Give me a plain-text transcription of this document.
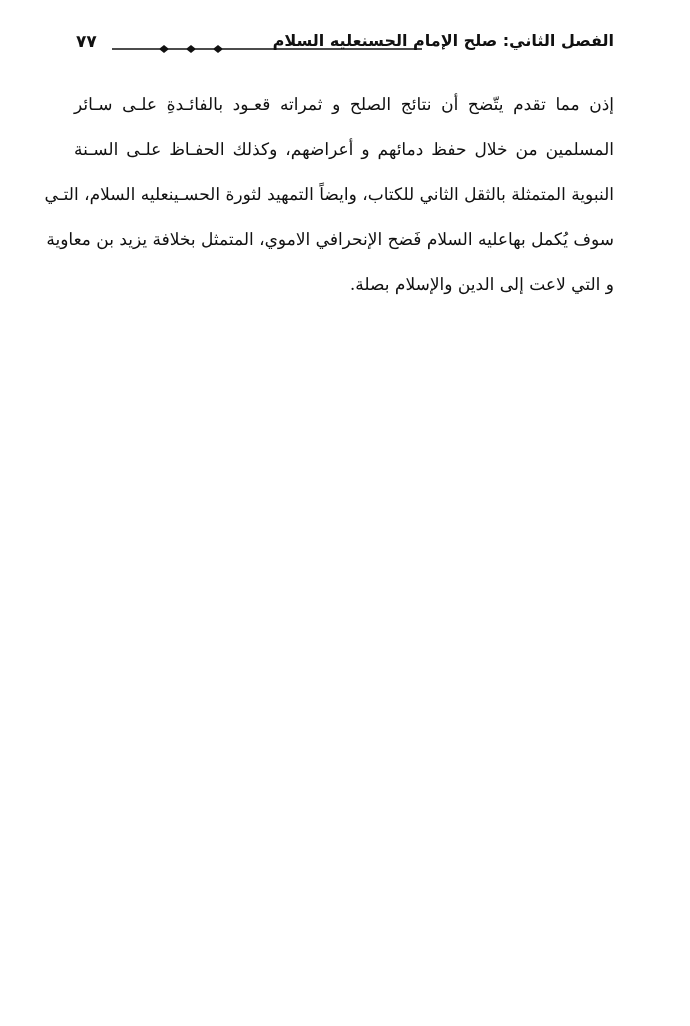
٧٧	الفصل الثاني: صلح الإمام الحسنعليه السلام
إذن مما تقدم يتّضح أن نتائج الصلح و ثمراته قعـود بالفائـدةِ علـى سـائر
المسلمين من خلال حفظ دمائهم و أعراضهم، وكذلك الحفـاظ علـى السـنة
النبوية المتمثلة بالثقل الثاني للكتاب، وايضاً التمهيد لثورة الحسـينعليه السلام، التـي
سوف يُكمل بهاعليه السلام فَضح الإنحرافي الاموي، المتمثل بخلافة يزيد بن معاوية
و التي لاعت إلى الدين والإسلام بصلة.
